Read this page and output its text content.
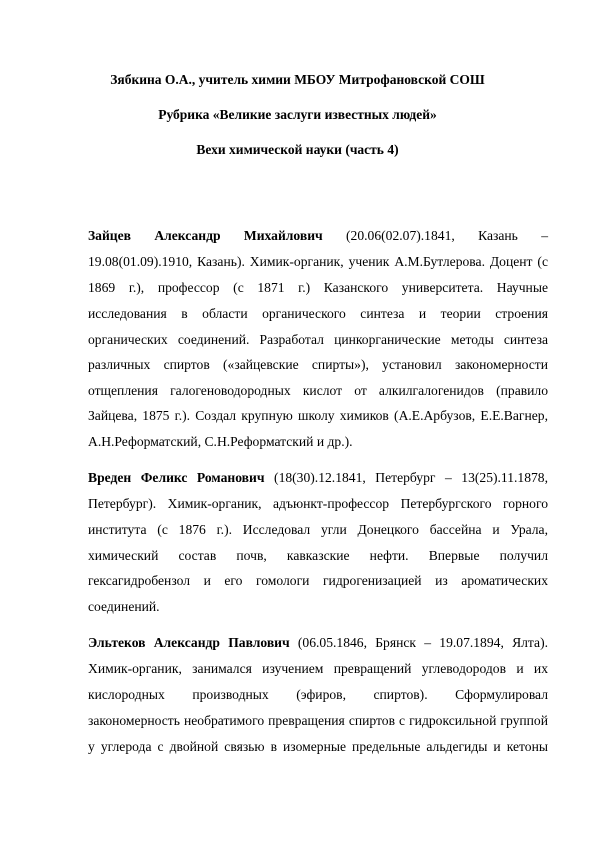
Зябкина О.А., учитель химии МБОУ Митрофановской СОШ
Рубрика «Великие заслуги известных людей»
Вехи химической науки (часть 4)
Зайцев Александр Михайлович (20.06(02.07).1841, Казань –
19.08(01.09).1910, Казань). Химик-органик, ученик А.М.Бутлерова. Доцент (с
1869 г.), профессор (с 1871 г.) Казанского университета. Научные
исследования в области органического синтеза и теории строения
органических соединений. Разработал цинкорганические методы синтеза
различных спиртов («зайцевские спирты»), установил закономерности
отщепления галогеноводородных кислот от алкилгалогенидов (правило
Зайцева, 1875 г.). Создал крупную школу химиков (А.Е.Арбузов, Е.Е.Вагнер,
А.Н.Реформатский, С.Н.Реформатский и др.).
Вреден Феликс Романович (18(30).12.1841, Петербург – 13(25).11.1878,
Петербург). Химик-органик, адъюнкт-профессор Петербургского горного
института (с 1876 г.). Исследовал угли Донецкого бассейна и Урала,
химический состав почв, кавказские нефти. Впервые получил
гексагидробензол и его гомологи гидрогенизацией из ароматических
соединений.
Эльтеков Александр Павлович (06.05.1846, Брянск – 19.07.1894, Ялта).
Химик-органик, занимался изучением превращений углеводородов и их
кислородных производных (эфиров, спиртов). Сформулировал
закономерность необратимого превращения спиртов с гидроксильной группой
у углерода с двойной связью в изомерные предельные альдегиды и кетоны
